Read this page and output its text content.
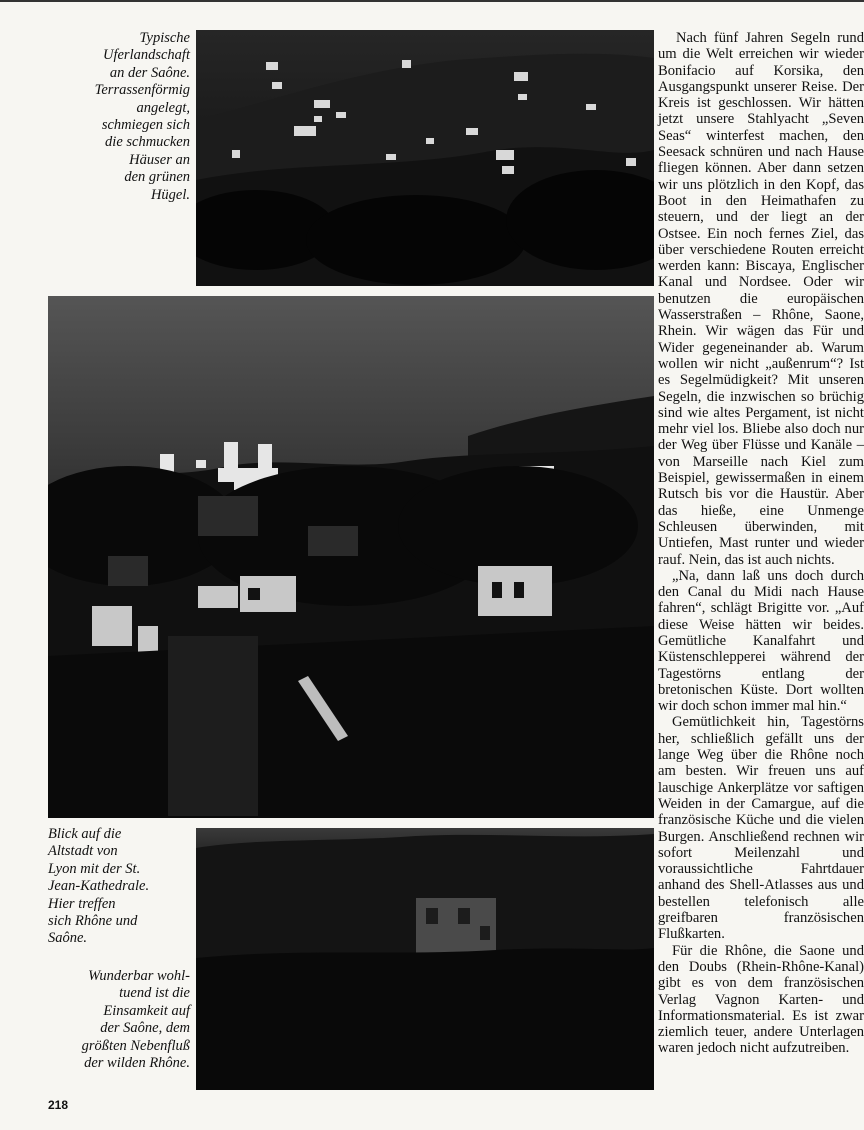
Typische
Uferlandschaft
an der Saône.
Terrassenförmig
angelegt,
schmiegen sich
die schmucken
Häuser an
den grünen
Hügel.

Blick auf die
Altstadt von
Lyon mit der St.
Jean-Kathedrale.
Hier treffen
sich Rhône und
Saône.

Wunderbar wohl-
tuend ist die
Einsamkeit auf
der Saône, dem
größten Nebenfluß
der wilden Rhône.

Nach fünf Jahren Segeln rund um die Welt erreichen wir wieder Bonifacio auf Korsika, den Ausgangspunkt unserer Reise. Der Kreis ist geschlossen. Wir hätten jetzt unsere Stahlyacht „Seven Seas“ winterfest machen, den Seesack schnüren und nach Hause fliegen können. Aber dann setzen wir uns plötzlich in den Kopf, das Boot in den Heimathafen zu steuern, und der liegt an der Ostsee. Ein noch fernes Ziel, das über verschiedene Routen erreicht werden kann: Biscaya, Englischer Kanal und Nordsee. Oder wir benutzen die europäischen Wasserstraßen – Rhône, Saone, Rhein. Wir wägen das Für und Wider gegeneinander ab. Warum wollen wir nicht „außenrum“? Ist es Segelmüdigkeit? Mit unseren Segeln, die inzwischen so brüchig sind wie altes Pergament, ist nicht mehr viel los. Bliebe also doch nur der Weg über Flüsse und Kanäle – von Marseille nach Kiel zum Beispiel, gewissermaßen in einem Rutsch bis vor die Haustür. Aber das hieße, eine Unmenge Schleusen überwinden, mit Untiefen, Mast runter und wieder rauf. Nein, das ist auch nichts.

„Na, dann laß uns doch durch den Canal du Midi nach Hause fahren“, schlägt Brigitte vor. „Auf diese Weise hätten wir beides. Gemütliche Kanalfahrt und Küstenschlepperei während der Tagestörns entlang der bretonischen Küste. Dort wollten wir doch schon immer mal hin.“

Gemütlichkeit hin, Tagestörns her, schließlich gefällt uns der lange Weg über die Rhône noch am besten. Wir freuen uns auf lauschige Ankerplätze vor saftigen Weiden in der Camargue, auf die französische Küche und die vielen Burgen. Anschließend rechnen wir sofort Meilenzahl und voraussichtliche Fahrtdauer anhand des Shell-Atlasses aus und bestellen telefonisch alle greifbaren französischen Flußkarten.

Für die Rhône, die Saone und den Doubs (Rhein-Rhône-Kanal) gibt es von dem französischen Verlag Vagnon Karten- und Informationsmaterial. Es ist zwar ziemlich teuer, andere Unterlagen waren jedoch nicht aufzutreiben.

218
